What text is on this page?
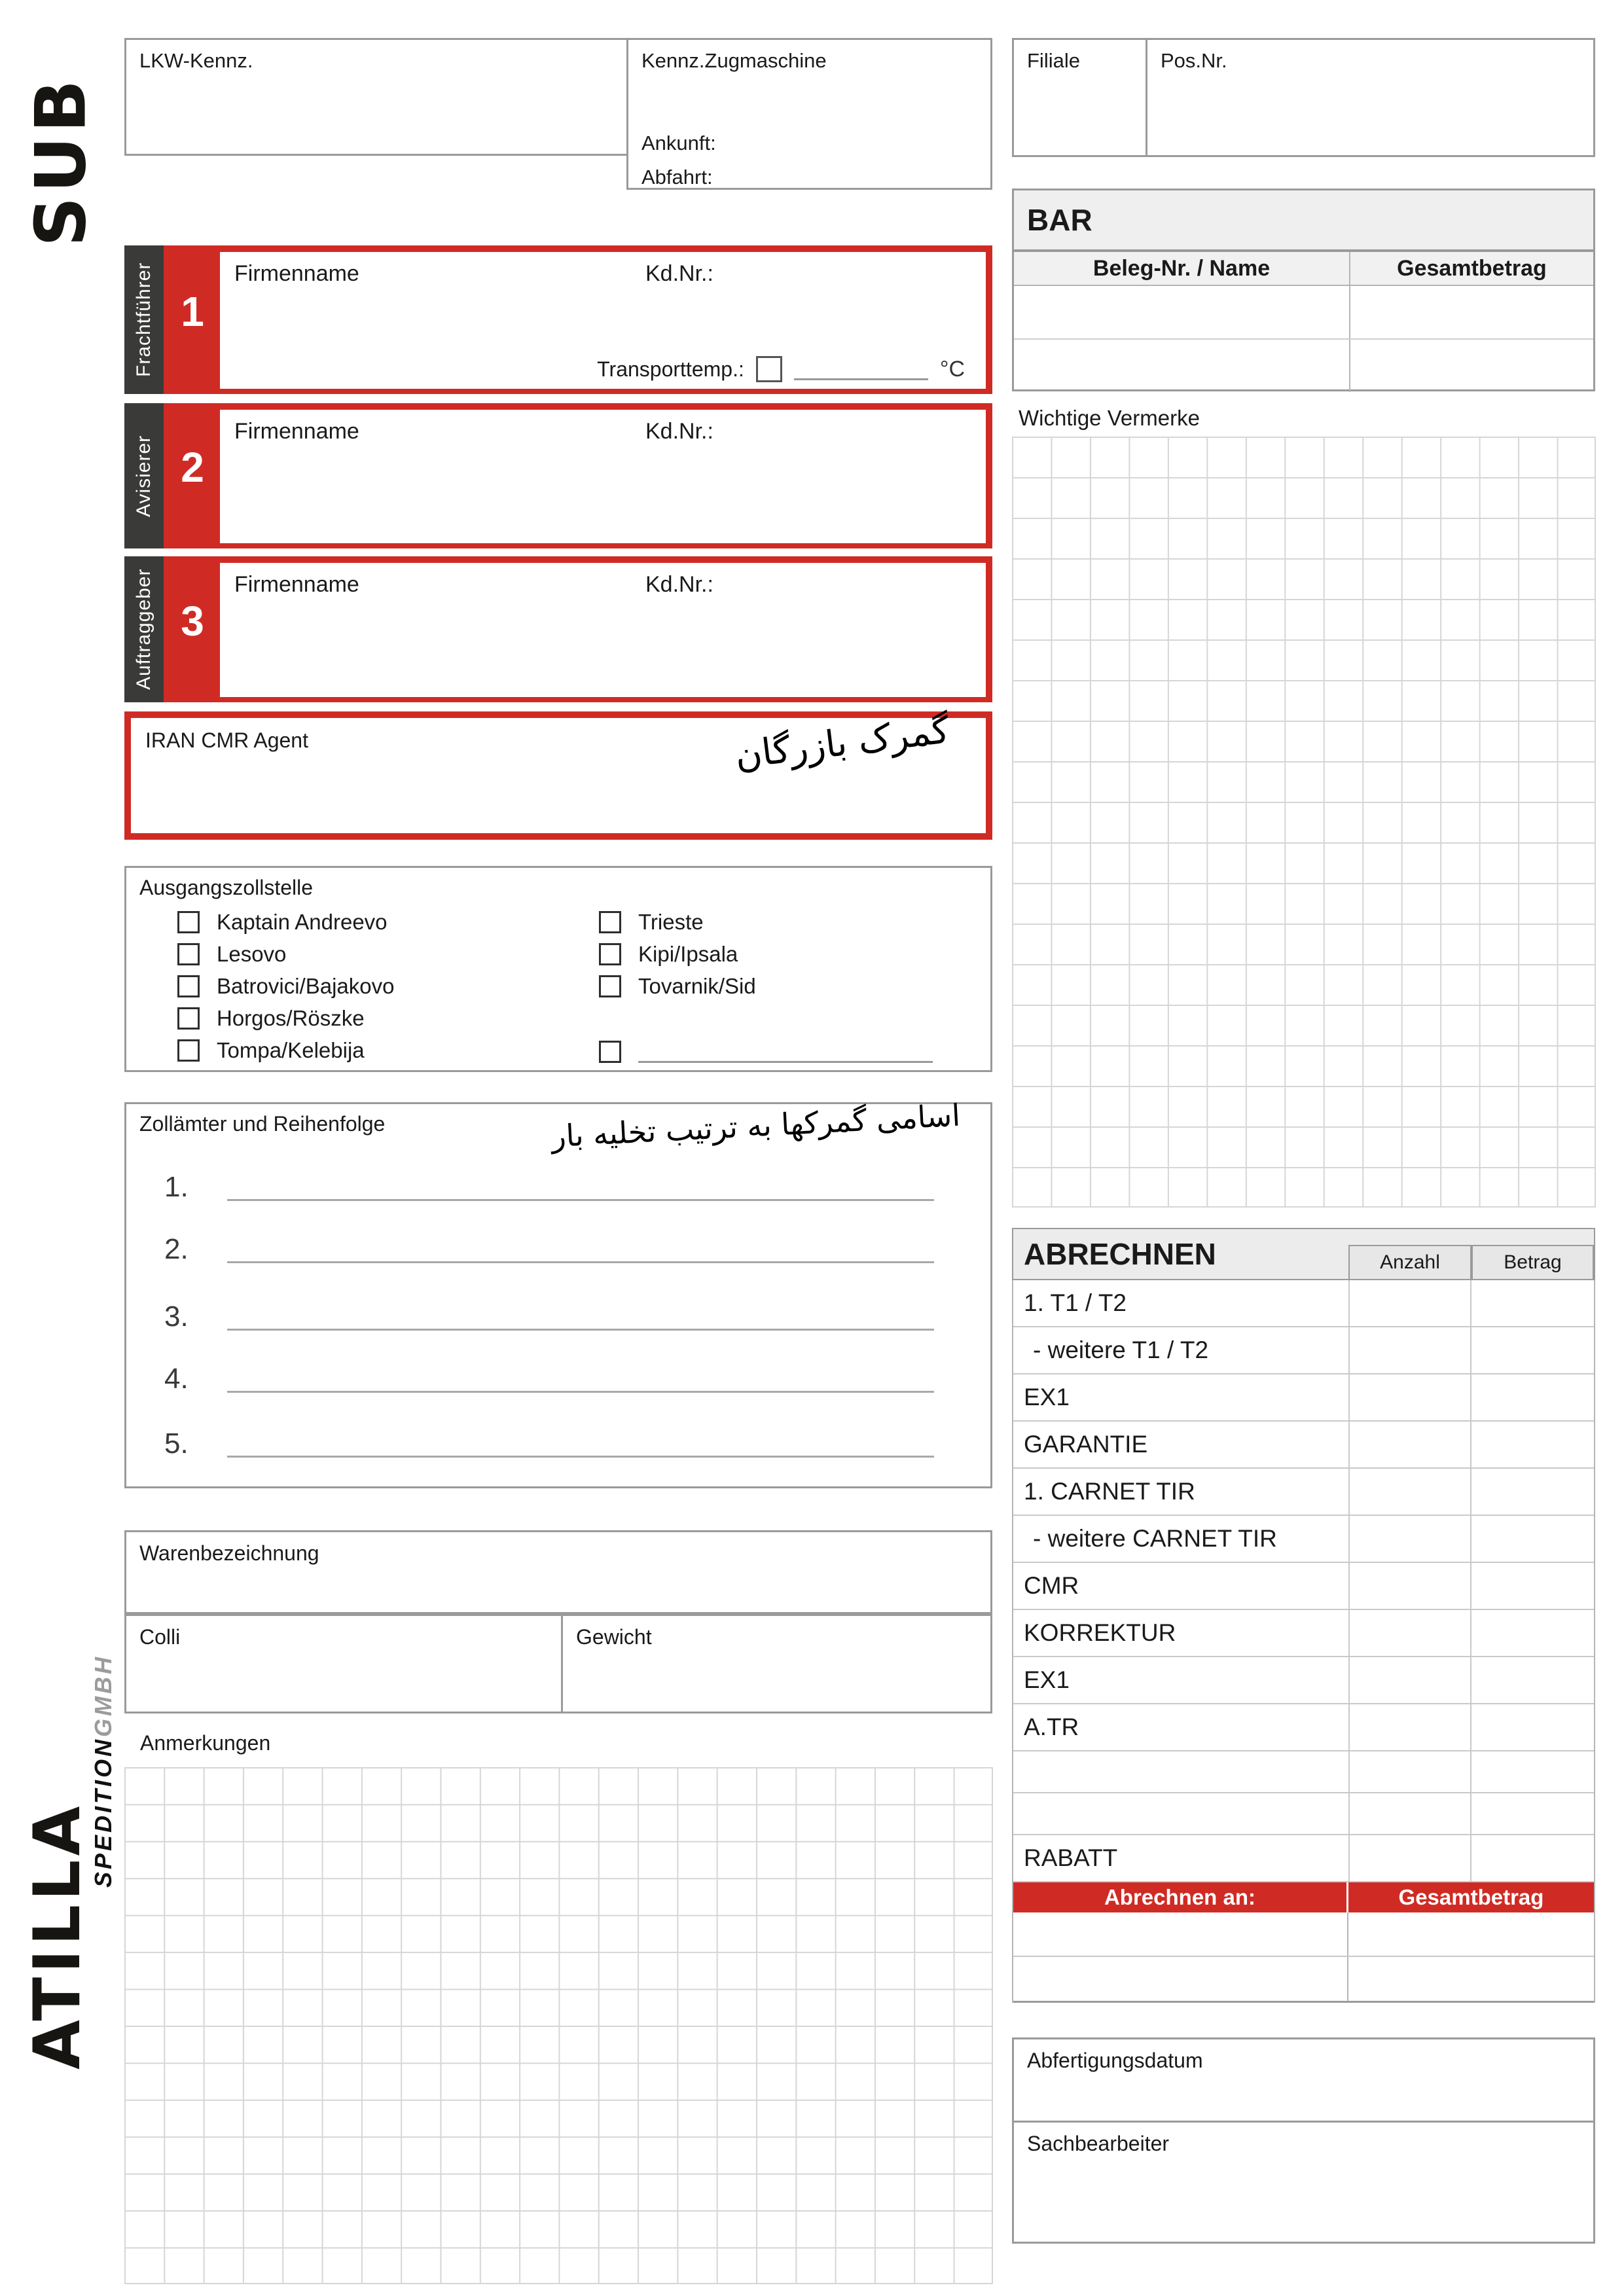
SUB
ATILLA
SPEDITION
GMBH
LKW-Kennz.	Kennz.Zugmaschine
Ankunft:
Abfahrt:
Filiale	Pos.Nr.
BAR
Beleg-Nr. / Name	Gesamtbetrag
Wichtige Vermerke
Frachtführer 1
Firmenname	Kd.Nr.:
Transporttemp.:	°C
Avisierer 2
Firmenname	Kd.Nr.:
Auftraggeber 3
Firmenname	Kd.Nr.:
IRAN CMR Agent	گمرک بازرگان
Ausgangszollstelle
Kaptain Andreevo
Lesovo
Batrovici/Bajakovo
Horgos/Röszke
Tompa/Kelebija
Trieste
Kipi/Ipsala
Tovarnik/Sid
Zollämter und Reihenfolge	اسامی گمرکها به ترتیب تخلیه بار
1.
2.
3.
4.
5.
Warenbezeichnung
Colli	Gewicht
Anmerkungen
ABRECHNEN	Anzahl	Betrag
1. T1 / T2
- weitere T1 / T2
EX1
GARANTIE
1. CARNET TIR
- weitere CARNET TIR
CMR
KORREKTUR
EX1
A.TR
RABATT
Abrechnen an:	Gesamtbetrag
Abfertigungsdatum
Sachbearbeiter
